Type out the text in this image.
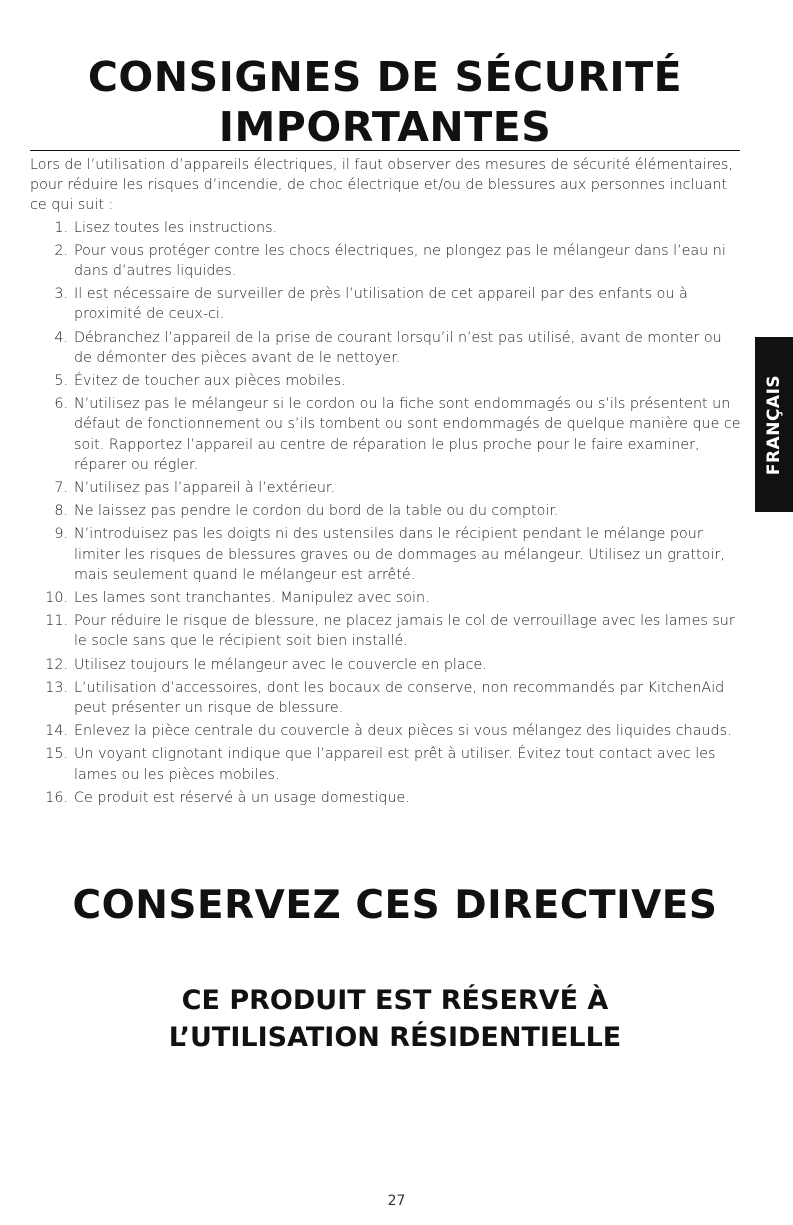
CONSIGNES DE SÉCURITÉ
IMPORTANTES

Lors de l’utilisation d’appareils électriques, il faut observer des mesures de sécurité élémentaires, pour réduire les risques d’incendie, de choc électrique et/ou de blessures aux personnes incluant ce qui suit :

1. Lisez toutes les instructions.
2. Pour vous protéger contre les chocs électriques, ne plongez pas le mélangeur dans l’eau ni dans d’autres liquides.
3. Il est nécessaire de surveiller de près l’utilisation de cet appareil par des enfants ou à proximité de ceux-ci.
4. Débranchez l’appareil de la prise de courant lorsqu’il n’est pas utilisé, avant de monter ou de démonter des pièces avant de le nettoyer.
5. Évitez de toucher aux pièces mobiles.
6. N’utilisez pas le mélangeur si le cordon ou la fiche sont endommagés ou s’ils présentent un défaut de fonctionnement ou s’ils tombent ou sont endommagés de quelque manière que ce soit. Rapportez l’appareil au centre de réparation le plus proche pour le faire examiner, réparer ou régler.
7. N’utilisez pas l’appareil à l’extérieur.
8. Ne laissez pas pendre le cordon du bord de la table ou du comptoir.
9. N’introduisez pas les doigts ni des ustensiles dans le récipient pendant le mélange pour limiter les risques de blessures graves ou de dommages au mélangeur. Utilisez un grattoir, mais seulement quand le mélangeur est arrêté.
10. Les lames sont tranchantes. Manipulez avec soin.
11. Pour réduire le risque de blessure, ne placez jamais le col de verrouillage avec les lames sur le socle sans que le récipient soit bien installé.
12. Utilisez toujours le mélangeur avec le couvercle en place.
13. L’utilisation d’accessoires, dont les bocaux de conserve, non recommandés par KitchenAid peut présenter un risque de blessure.
14. Enlevez la pièce centrale du couvercle à deux pièces si vous mélangez des liquides chauds.
15. Un voyant clignotant indique que l’appareil est prêt à utiliser. Évitez tout contact avec les lames ou les pièces mobiles.
16. Ce produit est réservé à un usage domestique.
CONSERVEZ CES DIRECTIVES
CE PRODUIT EST RÉSERVÉ À
L’UTILISATION RÉSIDENTIELLE
FRANÇAIS
27
